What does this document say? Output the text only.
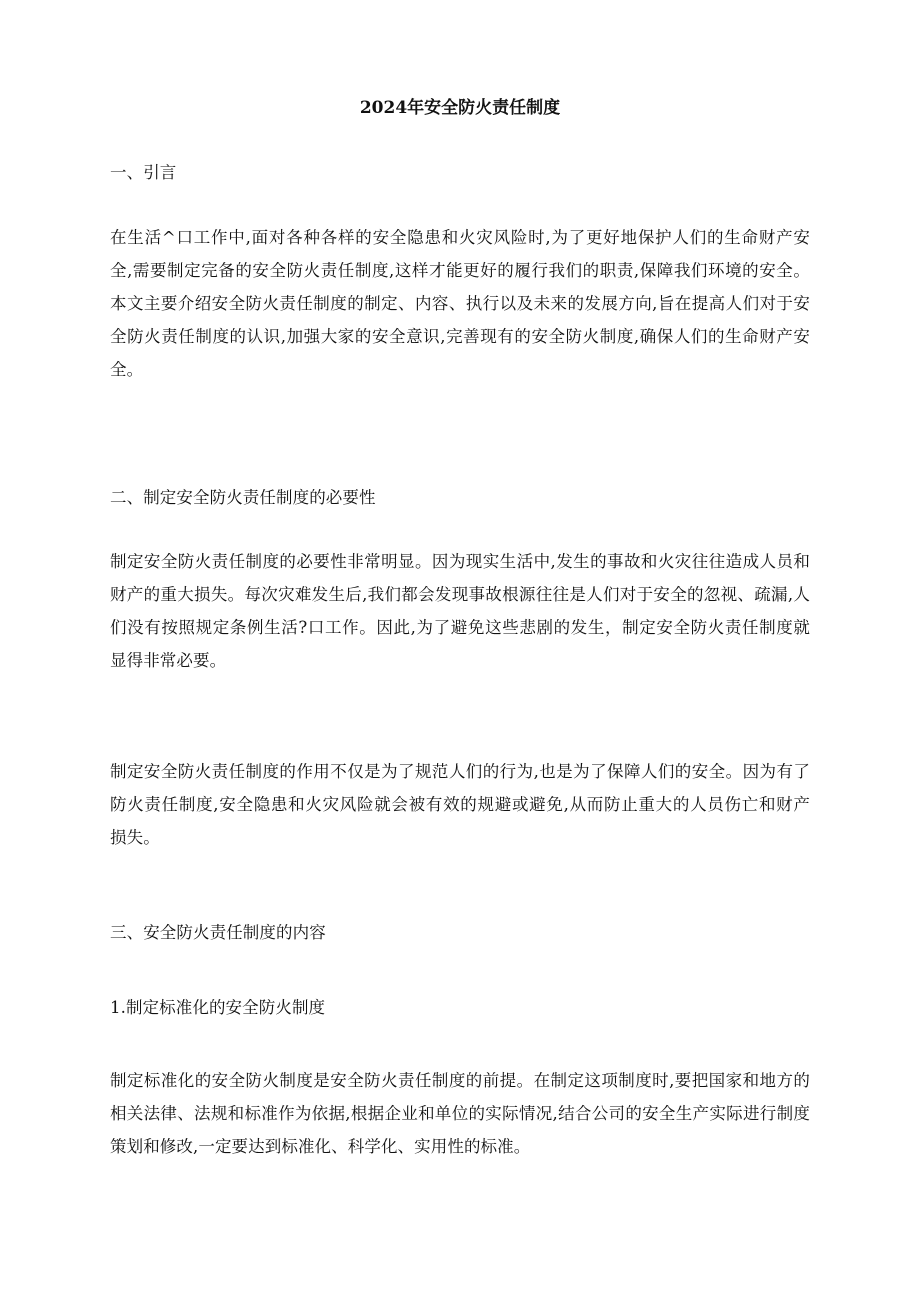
2024年安全防火责任制度

一、引言

在生活^口工作中,面对各种各样的安全隐患和火灾风险时,为了更好地保护人们的生命财产安
全,需要制定完备的安全防火责任制度,这样才能更好的履行我们的职责,保障我们环境的安全。
本文主要介绍安全防火责任制度的制定、内容、执行以及未来的发展方向,旨在提高人们对于安
全防火责任制度的认识,加强大家的安全意识,完善现有的安全防火制度,确保人们的生命财产安
全。

二、制定安全防火责任制度的必要性

制定安全防火责任制度的必要性非常明显。因为现实生活中,发生的事故和火灾往往造成人员和
财产的重大损失。每次灾难发生后,我们都会发现事故根源往往是人们对于安全的忽视、疏漏,人
们没有按照规定条例生活?口工作。因此,为了避免这些悲剧的发生，制定安全防火责任制度就
显得非常必要。
制定安全防火责任制度的作用不仅是为了规范人们的行为,也是为了保障人们的安全。因为有了
防火责任制度,安全隐患和火灾风险就会被有效的规避或避免,从而防止重大的人员伤亡和财产
损失。

三、安全防火责任制度的内容

1.制定标准化的安全防火制度

制定标准化的安全防火制度是安全防火责任制度的前提。在制定这项制度时,要把国家和地方的
相关法律、法规和标准作为依据,根据企业和单位的实际情况,结合公司的安全生产实际进行制度
策划和修改,一定要达到标准化、科学化、实用性的标准。
